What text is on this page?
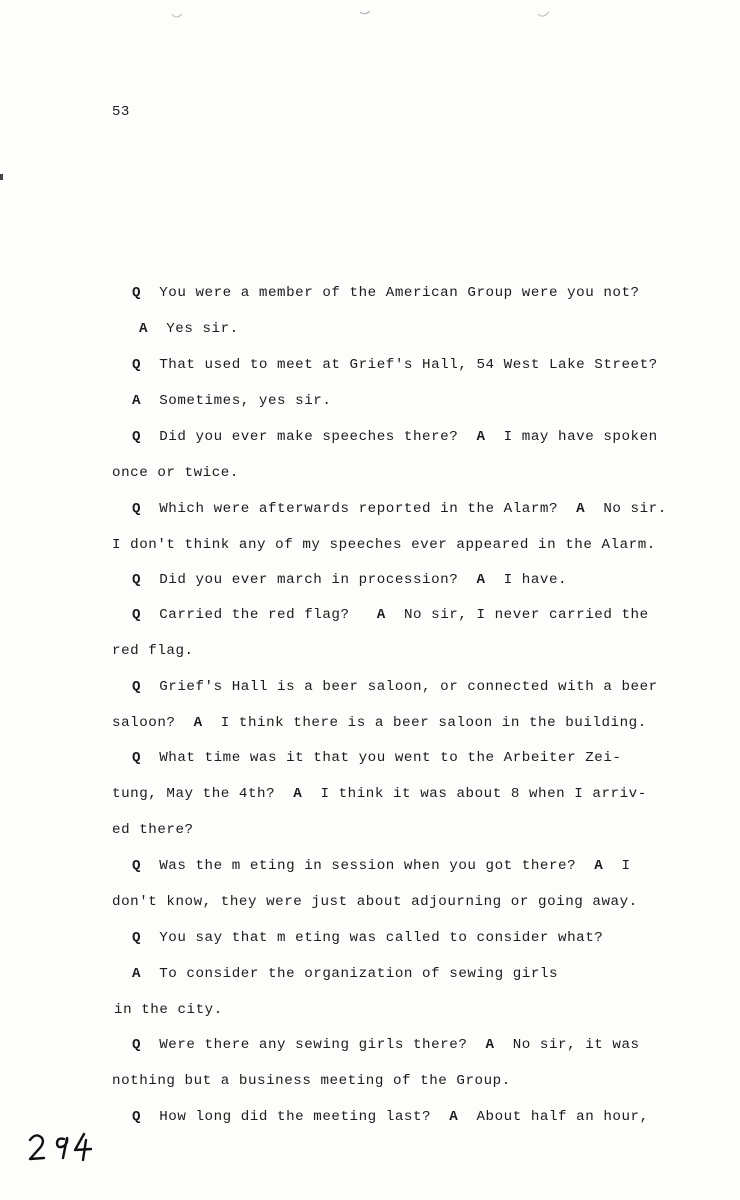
53
Q  You were a member of the American Group were you not?
A  Yes sir.
Q  That used to meet at Grief's Hall, 54 West Lake Street?
A  Sometimes, yes sir.
Q  Did you ever make speeches there?  A  I may have spoken
once or twice.
Q  Which were afterwards reported in the Alarm?  A  No sir.
I don't think any of my speeches ever appeared in the Alarm.
Q  Did you ever march in procession?  A  I have.
Q  Carried the red flag?   A  No sir, I never carried the
red flag.
Q  Grief's Hall is a beer saloon, or connected with a beer
saloon?  A  I think there is a beer saloon in the building.
Q  What time was it that you went to the Arbeiter Zei-
tung, May the 4th?  A  I think it was about 8 when I arriv-
ed there?
Q  Was the m eting in session when you got there?  A  I
don't know, they were just about adjourning or going away.
Q  You say that m eting was called to consider what?
A  To consider the organization of sewing girls
in the city.
Q  Were there any sewing girls there?  A  No sir, it was
nothing but a business meeting of the Group.
Q  How long did the meeting last?  A  About half an hour,
